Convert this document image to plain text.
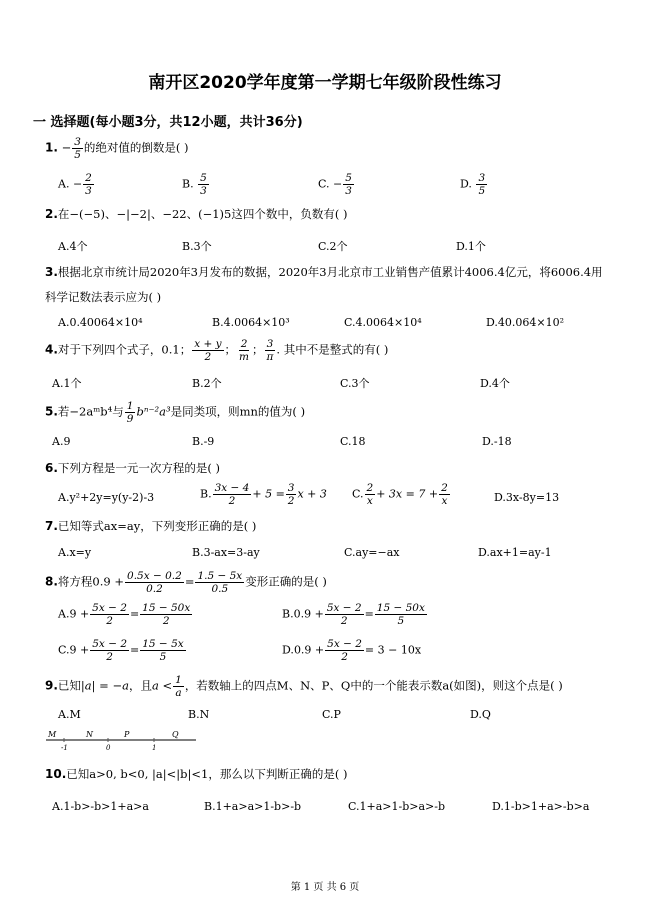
南开区2020学年度第一学期七年级阶段性练习
一 选择题(每小题3分，共12小题，共计36分)
1. − $\frac{3}{5}$ 的绝对值的倒数是( )
A. − $\frac{2}{3}$	B. $\frac{5}{3}$	C. − $\frac{5}{3}$	D. $\frac{3}{5}$
2.在−(−5)、−|−2|、−22、(−1)5这四个数中，负数有( )
A.4个	B.3个	C.2个	D.1个
3.根据北京市统计局2020年3月发布的数据，2020年3月北京市工业销售产值累计4006.4亿元，将6006.4用
科学记数法表示应为( )
A.0.40064×10⁴	B.4.0064×10³	C.4.0064×10⁴	D.40.064×10²
4.对于下列四个式子，0.1； $\frac{x + y}{2}$ ； $\frac{2}{m}$ ； $\frac{3}{\pi}$ . 其中不是整式的有( )
A.1个	B.2个	C.3个	D.4个
5.若−2aᵐb⁴与 $\frac{1}{9} b^{n-2}a^3$是同类项，则mn的值为( )
A.9	B.-9	C.18	D.-18
6.下列方程是一元一次方程的是( )
A.y²+2y=y(y-2)-3	B. $\frac{3x - 4}{2} + 5 = \frac{3}{2}$ x + 3 C. $\frac{2}{x} + 3x = 7 + \frac{2}{x}$	D.3x-8y=13
7.已知等式ax=ay，下列变形正确的是( )
A.x=y	B.3-ax=3-ay	C.ay=−ax	D.ax+1=ay-1
8.将方程$0.9 + \frac{0.5x - 0.2}{0.2} = \frac{1.5 - 5x}{0.5}$ 变形正确的是( )
$A.9 + \frac{5x - 2}{2} = \frac{15 - 50x}{2}$	$B.0.9 + \frac{5x - 2}{2} = \frac{15 - 50x}{5}$
$C.9 + \frac{5x - 2}{2} = \frac{15 - 5x}{5}$	$D.0.9 + \frac{5x - 2}{2} = 3 - 10x$
9.已知|a| = −a，且$a < \frac{1}{a}$ ，若数轴上的四点M、N、P、Q中的一个能表示数a(如图)，则这个点是( )
A.M	B.N	C.P	D.Q
M	N	P	Q
-1	0	1
10.已知a>0, b<0, |a|<|b|<1，那么以下判断正确的是( )
A.1-b>-b>1+a>a	B.1+a>a>1-b>-b	C.1+a>1-b>a>-b	D.1-b>1+a>-b>a
第 1 页 共 6 页
